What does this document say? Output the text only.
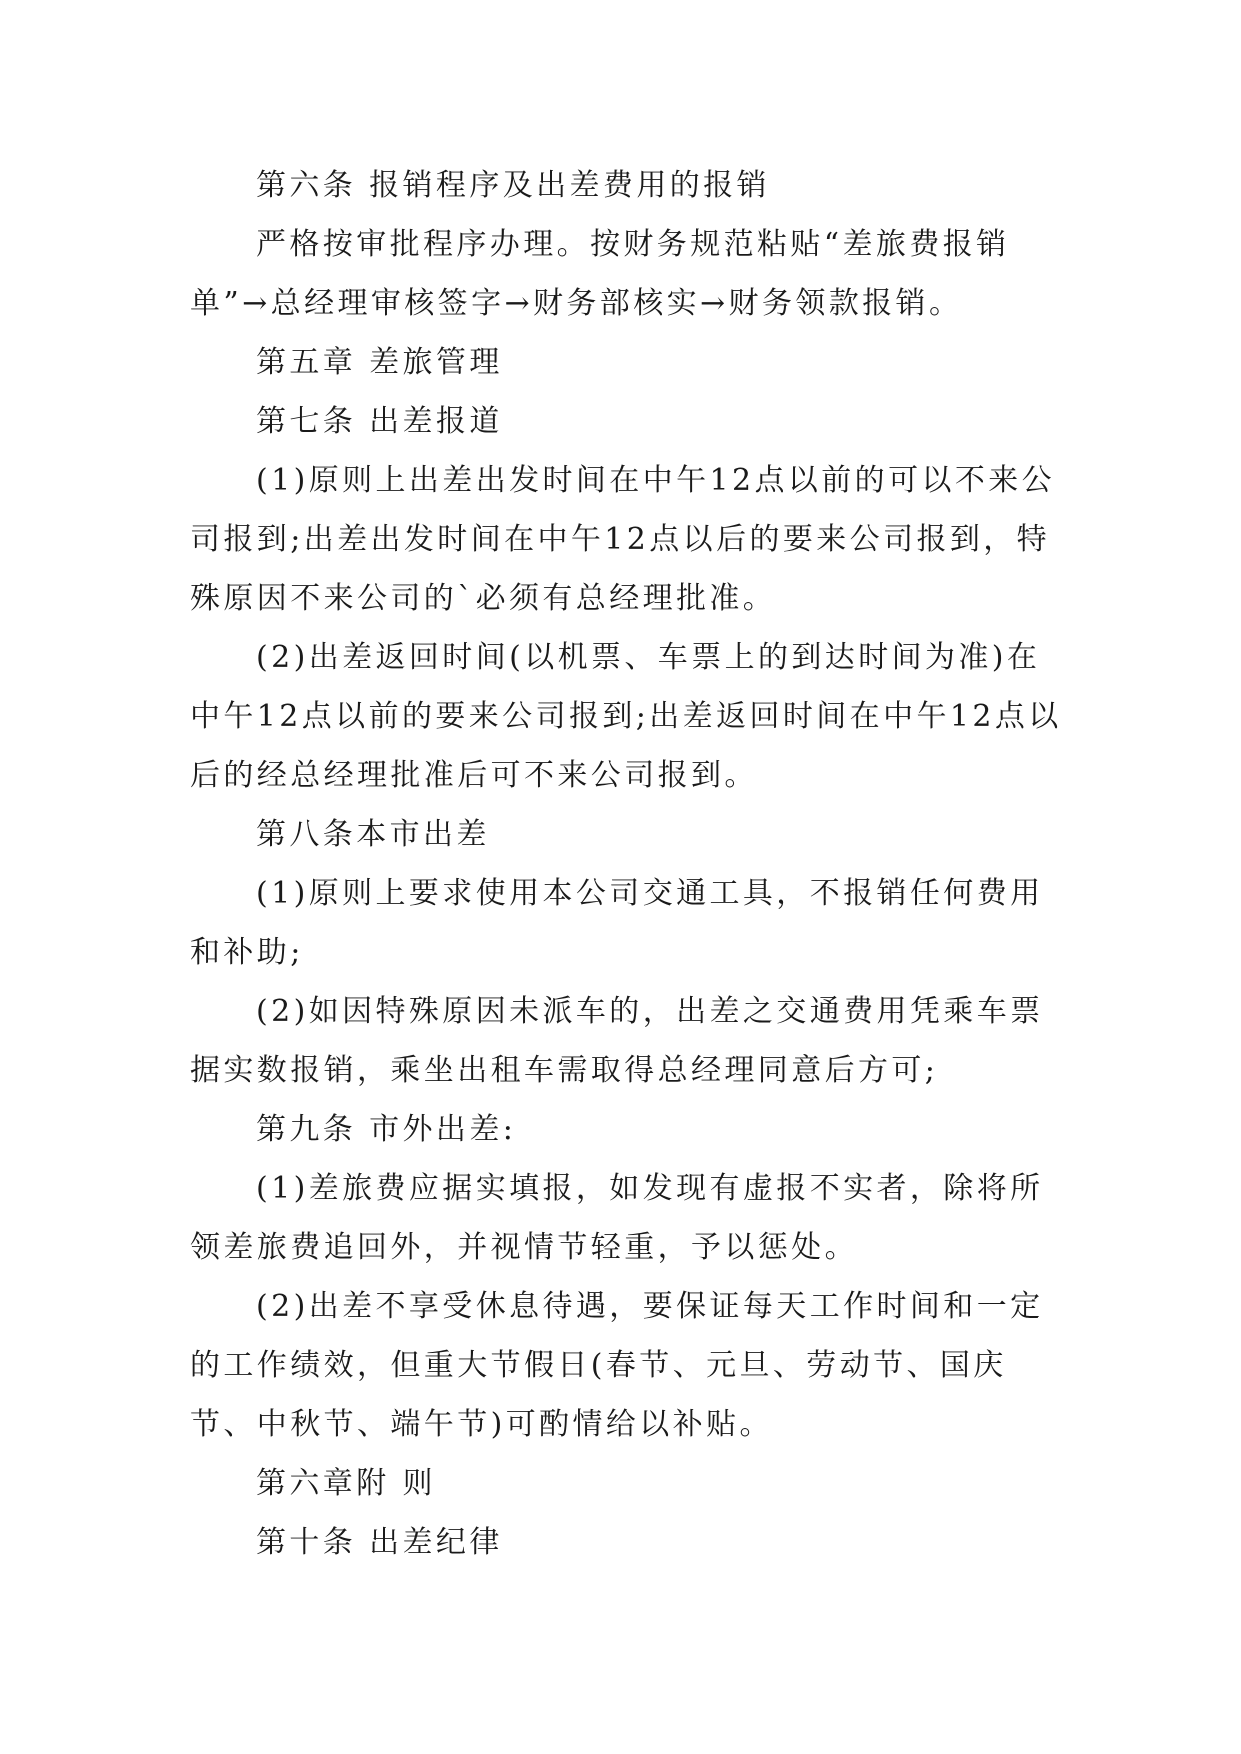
第六条 报销程序及出差费用的报销

严格按审批程序办理。按财务规范粘贴“差旅费报销单”→总经理审核签字→财务部核实→财务领款报销。

第五章 差旅管理

第七条 出差报道

(1)原则上出差出发时间在中午12点以前的可以不来公司报到;出差出发时间在中午12点以后的要来公司报到，特殊原因不来公司的`必须有总经理批准。

(2)出差返回时间(以机票、车票上的到达时间为准)在中午12点以前的要来公司报到;出差返回时间在中午12点以后的经总经理批准后可不来公司报到。

第八条本市出差

(1)原则上要求使用本公司交通工具，不报销任何费用和补助;

(2)如因特殊原因未派车的，出差之交通费用凭乘车票据实数报销，乘坐出租车需取得总经理同意后方可;

第九条 市外出差:

(1)差旅费应据实填报，如发现有虚报不实者，除将所领差旅费追回外，并视情节轻重，予以惩处。

(2)出差不享受休息待遇，要保证每天工作时间和一定的工作绩效，但重大节假日(春节、元旦、劳动节、国庆节、中秋节、端午节)可酌情给以补贴。

第六章附 则

第十条 出差纪律
